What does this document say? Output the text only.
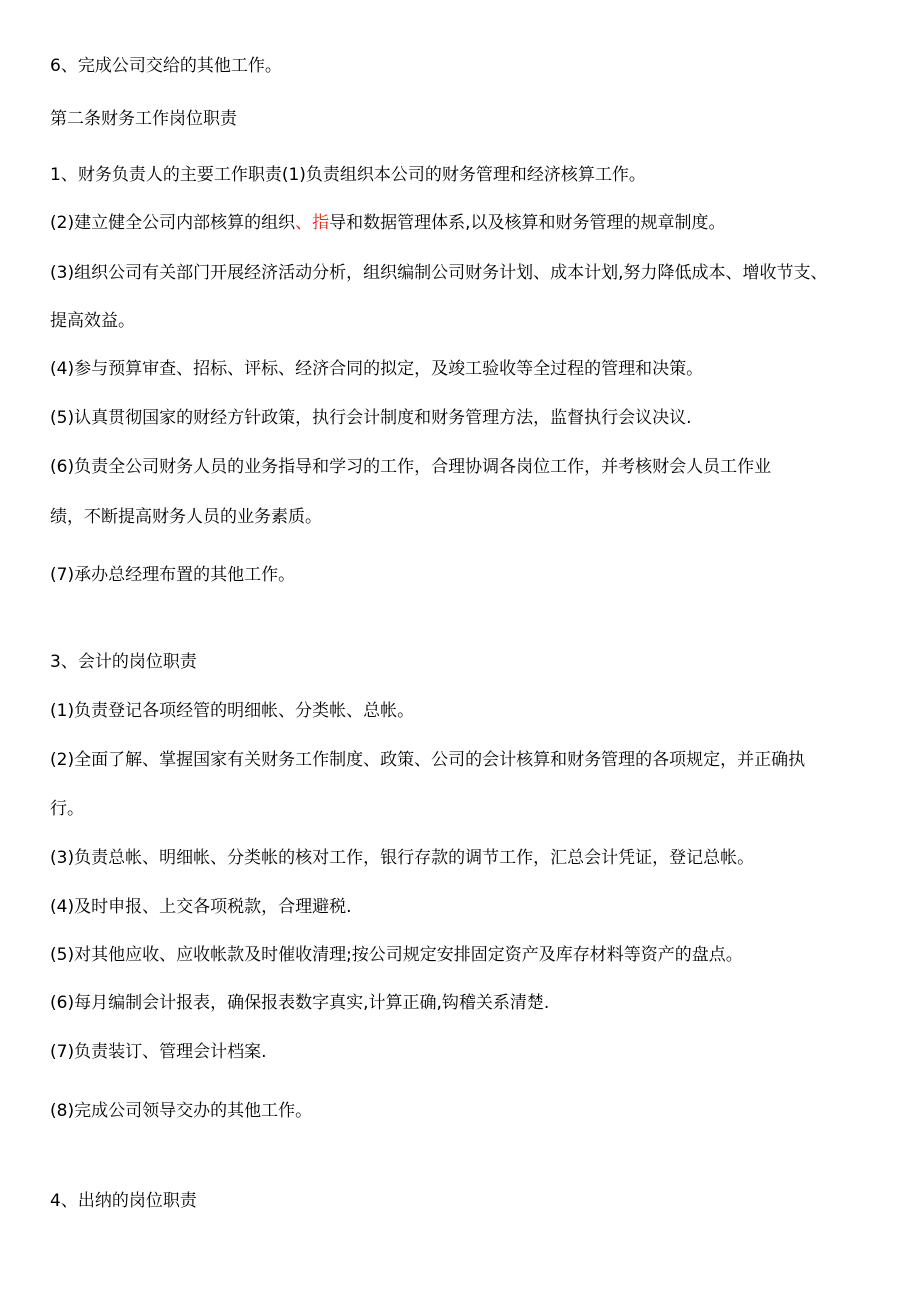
6、完成公司交给的其他工作。
第二条财务工作岗位职责
1、财务负责人的主要工作职责(1)负责组织本公司的财务管理和经济核算工作。
(2)建立健全公司内部核算的组织、指导和数据管理体系,以及核算和财务管理的规章制度。
(3)组织公司有关部门开展经济活动分析，组织编制公司财务计划、成本计划,努力降低成本、增收节支、
提高效益。
(4)参与预算审查、招标、评标、经济合同的拟定，及竣工验收等全过程的管理和决策。
(5)认真贯彻国家的财经方针政策，执行会计制度和财务管理方法，监督执行会议决议.
(6)负责全公司财务人员的业务指导和学习的工作，合理协调各岗位工作，并考核财会人员工作业
绩，不断提高财务人员的业务素质。
(7)承办总经理布置的其他工作。
3、会计的岗位职责
(1)负责登记各项经管的明细帐、分类帐、总帐。
(2)全面了解、掌握国家有关财务工作制度、政策、公司的会计核算和财务管理的各项规定，并正确执
行。
(3)负责总帐、明细帐、分类帐的核对工作，银行存款的调节工作，汇总会计凭证，登记总帐。
(4)及时申报、上交各项税款，合理避税.
(5)对其他应收、应收帐款及时催收清理;按公司规定安排固定资产及库存材料等资产的盘点。
(6)每月编制会计报表，确保报表数字真实,计算正确,钩稽关系清楚.
(7)负责装订、管理会计档案.
(8)完成公司领导交办的其他工作。
4、出纳的岗位职责
